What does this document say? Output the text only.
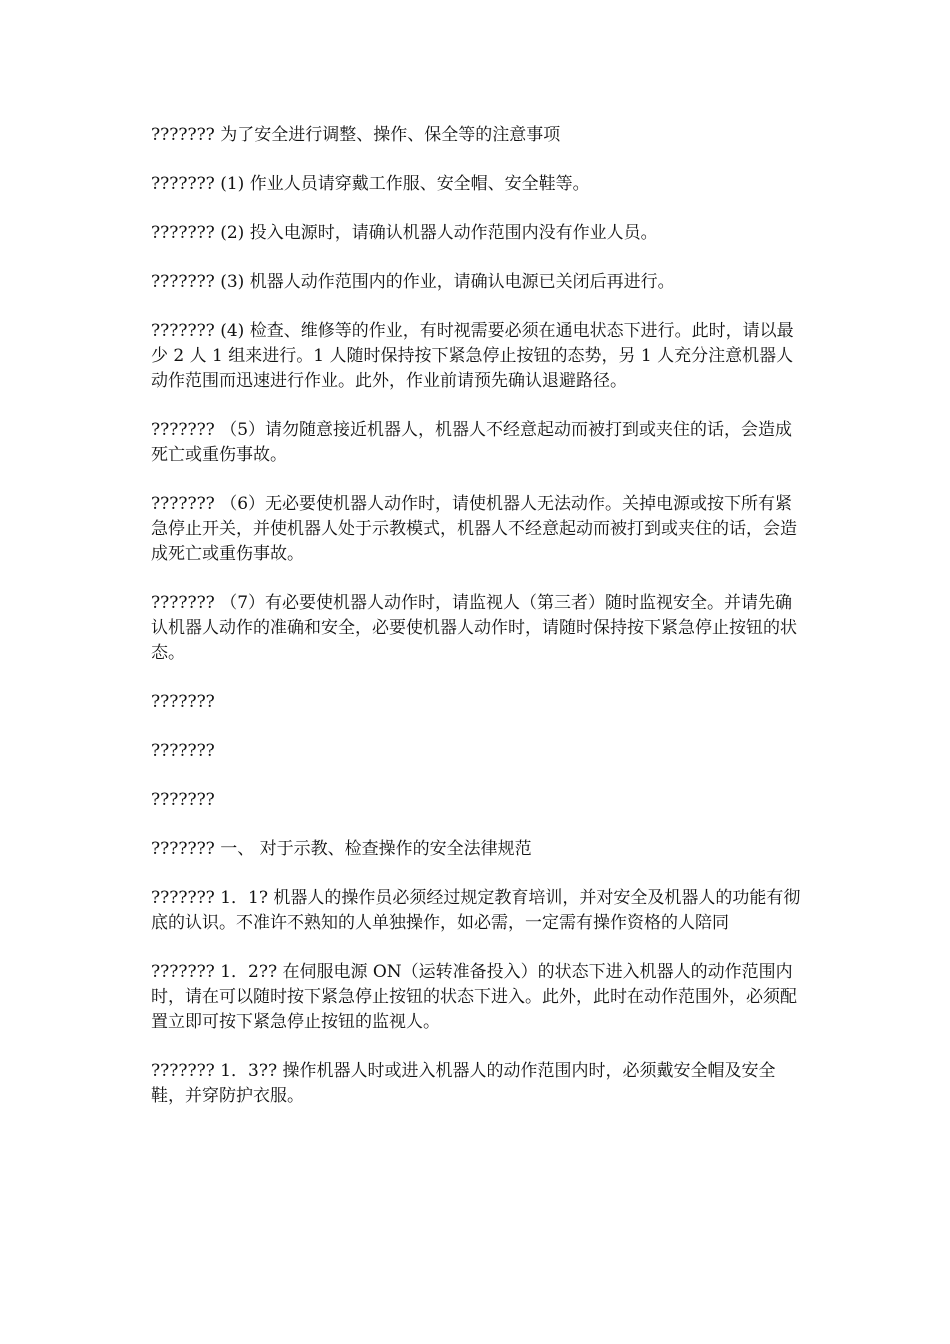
??????? 为了安全进行调整、操作、保全等的注意事项

??????? (1) 作业人员请穿戴工作服、安全帽、安全鞋等。

??????? (2) 投入电源时，请确认机器人动作范围内没有作业人员。

??????? (3) 机器人动作范围内的作业，请确认电源已关闭后再进行。

??????? (4) 检查、维修等的作业，有时视需要必须在通电状态下进行。此时，请以最少 2 人 1 组来进行。1 人随时保持按下紧急停止按钮的态势，另 1 人充分注意机器人动作范围而迅速进行作业。此外，作业前请预先确认退避路径。

??????? （5）请勿随意接近机器人，机器人不经意起动而被打到或夹住的话，会造成死亡或重伤事故。

??????? （6）无必要使机器人动作时，请使机器人无法动作。关掉电源或按下所有紧急停止开关，并使机器人处于示教模式，机器人不经意起动而被打到或夹住的话，会造成死亡或重伤事故。

??????? （7）有必要使机器人动作时，请监视人（第三者）随时监视安全。并请先确认机器人动作的准确和安全，必要使机器人动作时，请随时保持按下紧急停止按钮的状态。

???????

???????

???????

??????? 一、 对于示教、检查操作的安全法律规范

??????? 1．1? 机器人的操作员必须经过规定教育培训，并对安全及机器人的功能有彻底的认识。不准许不熟知的人单独操作，如必需，一定需有操作资格的人陪同

??????? 1．2?? 在伺服电源 ON（运转准备投入）的状态下进入机器人的动作范围内时，请在可以随时按下紧急停止按钮的状态下进入。此外，此时在动作范围外，必须配置立即可按下紧急停止按钮的监视人。

??????? 1．3?? 操作机器人时或进入机器人的动作范围内时，必须戴安全帽及安全鞋，并穿防护衣服。
